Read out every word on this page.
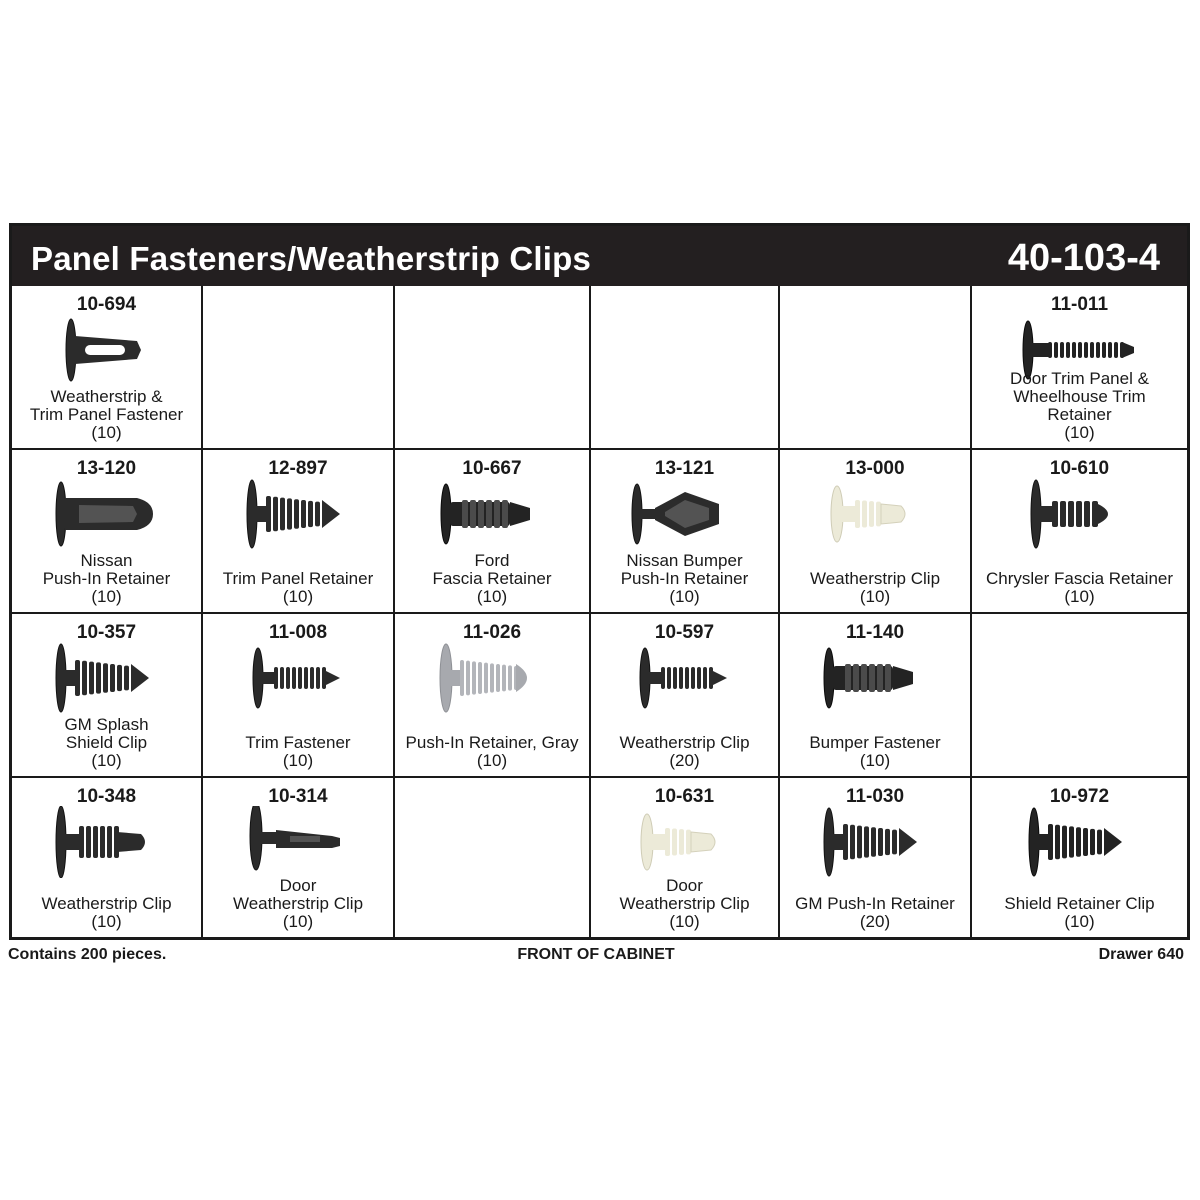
Panel Fasteners/Weatherstrip Clips	40-103-4
10-694
Weatherstrip &
Trim Panel Fastener
(10)
11-011
Door Trim Panel &
Wheelhouse Trim
Retainer
(10)
13-120
Nissan
Push-In Retainer
(10)
12-897
Trim Panel Retainer
(10)
10-667
Ford
Fascia Retainer
(10)
13-121
Nissan Bumper
Push-In Retainer
(10)
13-000
Weatherstrip Clip
(10)
10-610
Chrysler Fascia Retainer
(10)
10-357
GM Splash
Shield Clip
(10)
11-008
Trim Fastener
(10)
11-026
Push-In Retainer, Gray
(10)
10-597
Weatherstrip Clip
(20)
11-140
Bumper Fastener
(10)
10-348
Weatherstrip Clip
(10)
10-314
Door
Weatherstrip Clip
(10)
10-631
Door
Weatherstrip Clip
(10)
11-030
GM Push-In Retainer
(20)
10-972
Shield Retainer Clip
(10)
Contains 200 pieces.	FRONT OF CABINET	Drawer 640
